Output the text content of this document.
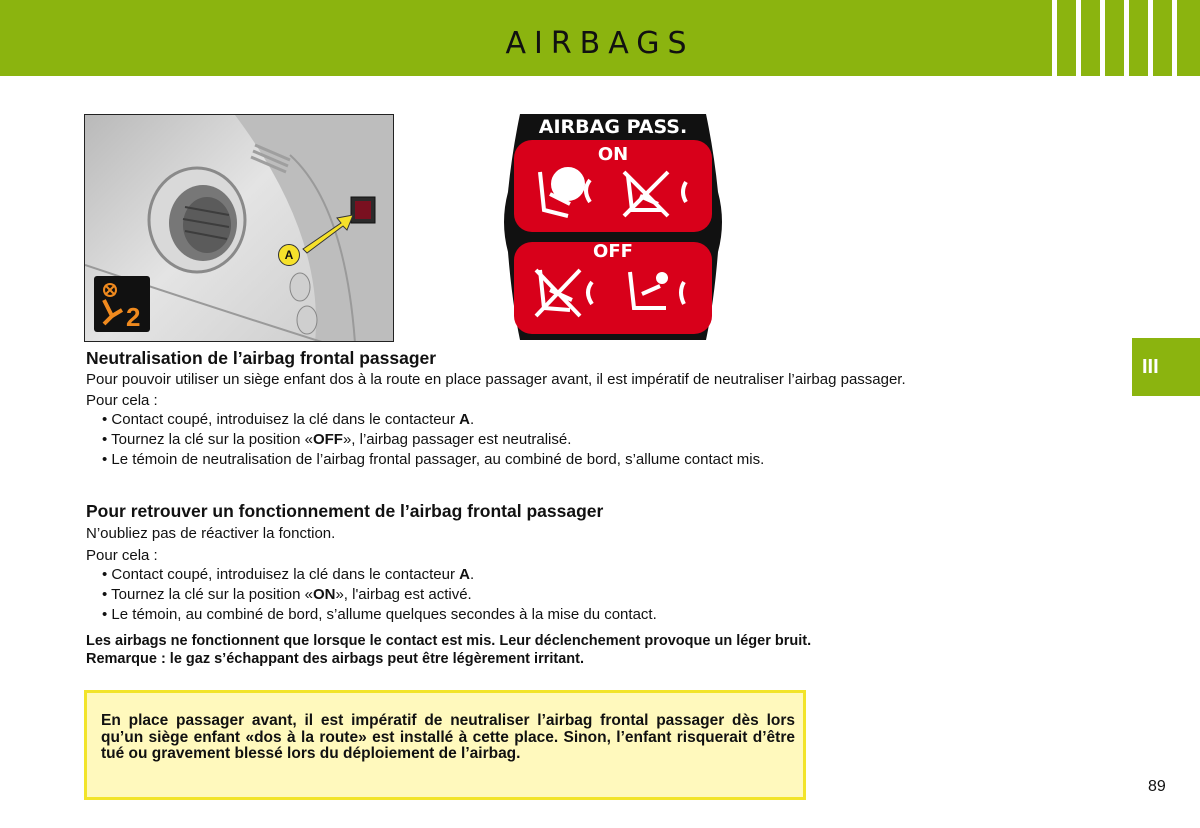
AIRBAGS
A
2
AIRBAG PASS.
ON
OFF

Neutralisation de l’airbag frontal passager

Pour pouvoir utiliser un siège enfant dos à la route en place passager avant, il est impératif de neutraliser l’airbag passager.

Pour cela :

• Contact coupé, introduisez la clé dans le contacteur A.

• Tournez la clé sur la position «OFF», l’airbag passager est neutralisé.

• Le témoin de neutralisation de l’airbag frontal passager, au combiné de bord, s’allume contact mis.

Pour retrouver un fonctionnement de l’airbag frontal passager

N’oubliez pas de réactiver la fonction.

Pour cela :

• Contact coupé, introduisez la clé dans le contacteur A.

• Tournez la clé sur la position «ON», l'airbag est activé.

• Le témoin, au combiné de bord, s’allume quelques secondes à la mise du contact.

Les airbags ne fonctionnent que lorsque le contact est mis. Leur déclenchement provoque un léger bruit.

Remarque : le gaz s’échappant des airbags peut être légèrement irritant.

III
En place passager avant, il est impératif de neutraliser l’airbag frontal passager dès lors qu’un siège enfant «dos à la route» est installé à cette place. Sinon, l’enfant risquerait d’être tué ou gravement blessé lors du déploiement de l’airbag.
89
